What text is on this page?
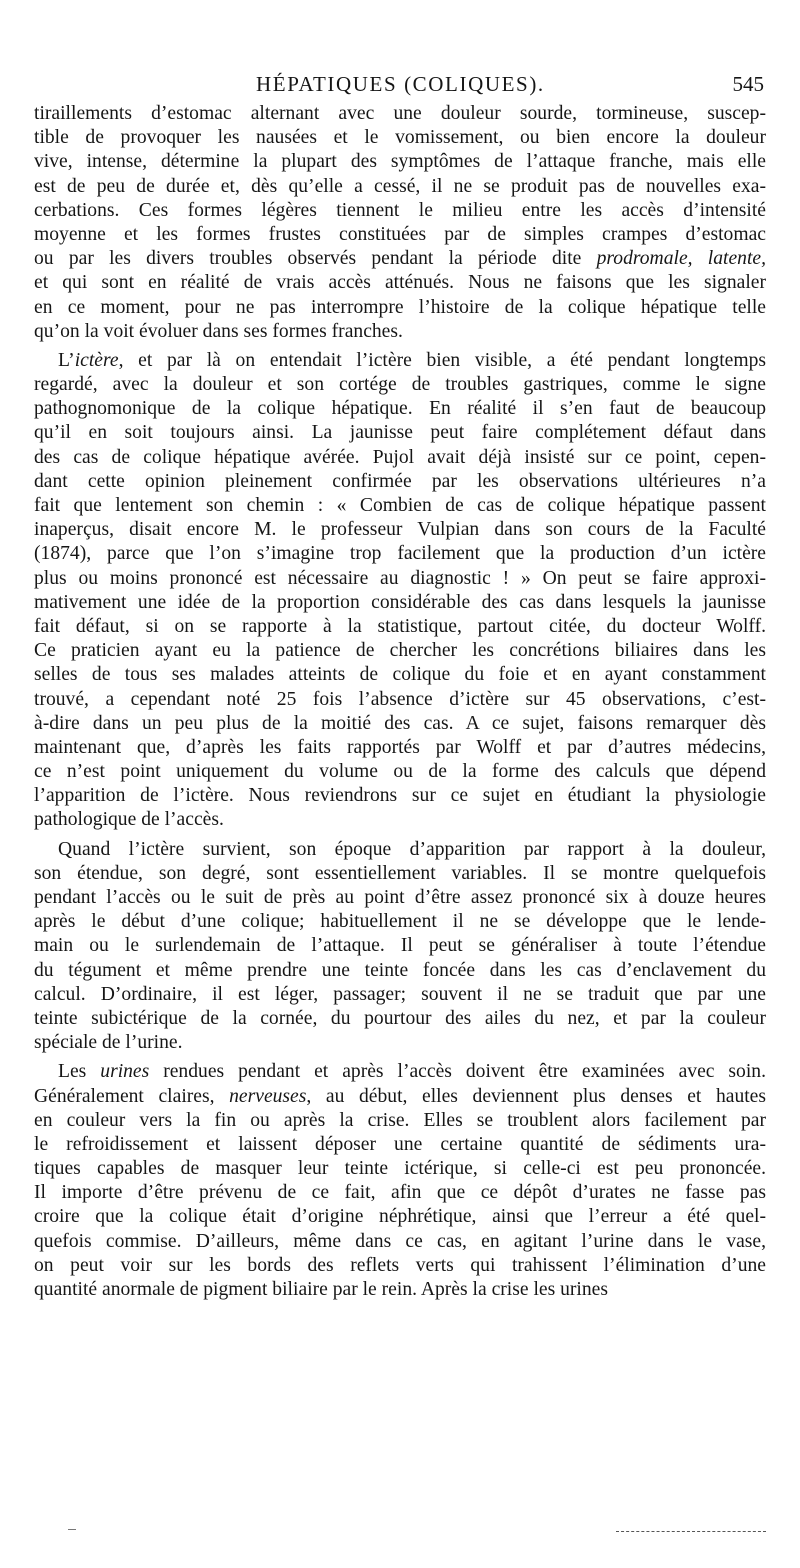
HÉPATIQUES (COLIQUES).	545
tiraillements d’estomac alternant avec une douleur sourde, tormineuse, suscep-
tible de provoquer les nausées et le vomissement, ou bien encore la douleur
vive, intense, détermine la plupart des symptômes de l’attaque franche, mais elle
est de peu de durée et, dès qu’elle a cessé, il ne se produit pas de nouvelles exa-
cerbations. Ces formes légères tiennent le milieu entre les accès d’intensité
moyenne et les formes frustes constituées par de simples crampes d’estomac
ou par les divers troubles observés pendant la période dite prodromale, latente,
et qui sont en réalité de vrais accès atténués. Nous ne faisons que les signaler
en ce moment, pour ne pas interrompre l’histoire de la colique hépatique telle
qu’on la voit évoluer dans ses formes franches.
L’ictère, et par là on entendait l’ictère bien visible, a été pendant longtemps
regardé, avec la douleur et son cortége de troubles gastriques, comme le signe
pathognomonique de la colique hépatique. En réalité il s’en faut de beaucoup
qu’il en soit toujours ainsi. La jaunisse peut faire complétement défaut dans
des cas de colique hépatique avérée. Pujol avait déjà insisté sur ce point, cepen-
dant cette opinion pleinement confirmée par les observations ultérieures n’a
fait que lentement son chemin : « Combien de cas de colique hépatique passent
inaperçus, disait encore M. le professeur Vulpian dans son cours de la Faculté
(1874), parce que l’on s’imagine trop facilement que la production d’un ictère
plus ou moins prononcé est nécessaire au diagnostic ! » On peut se faire approxi-
mativement une idée de la proportion considérable des cas dans lesquels la jaunisse
fait défaut, si on se rapporte à la statistique, partout citée, du docteur Wolff.
Ce praticien ayant eu la patience de chercher les concrétions biliaires dans les
selles de tous ses malades atteints de colique du foie et en ayant constamment
trouvé, a cependant noté 25 fois l’absence d’ictère sur 45 observations, c’est-
à-dire dans un peu plus de la moitié des cas. A ce sujet, faisons remarquer dès
maintenant que, d’après les faits rapportés par Wolff et par d’autres médecins,
ce n’est point uniquement du volume ou de la forme des calculs que dépend
l’apparition de l’ictère. Nous reviendrons sur ce sujet en étudiant la physiologie
pathologique de l’accès.
Quand l’ictère survient, son époque d’apparition par rapport à la douleur,
son étendue, son degré, sont essentiellement variables. Il se montre quelquefois
pendant l’accès ou le suit de près au point d’être assez prononcé six à douze heures
après le début d’une colique; habituellement il ne se développe que le lende-
main ou le surlendemain de l’attaque. Il peut se généraliser à toute l’étendue
du tégument et même prendre une teinte foncée dans les cas d’enclavement du
calcul. D’ordinaire, il est léger, passager; souvent il ne se traduit que par une
teinte subictérique de la cornée, du pourtour des ailes du nez, et par la couleur
spéciale de l’urine.
Les urines rendues pendant et après l’accès doivent être examinées avec soin.
Généralement claires, nerveuses, au début, elles deviennent plus denses et hautes
en couleur vers la fin ou après la crise. Elles se troublent alors facilement par
le refroidissement et laissent déposer une certaine quantité de sédiments ura-
tiques capables de masquer leur teinte ictérique, si celle-ci est peu prononcée.
Il importe d’être prévenu de ce fait, afin que ce dépôt d’urates ne fasse pas
croire que la colique était d’origine néphrétique, ainsi que l’erreur a été quel-
quefois commise. D’ailleurs, même dans ce cas, en agitant l’urine dans le vase,
on peut voir sur les bords des reflets verts qui trahissent l’élimination d’une
quantité anormale de pigment biliaire par le rein. Après la crise les urines
